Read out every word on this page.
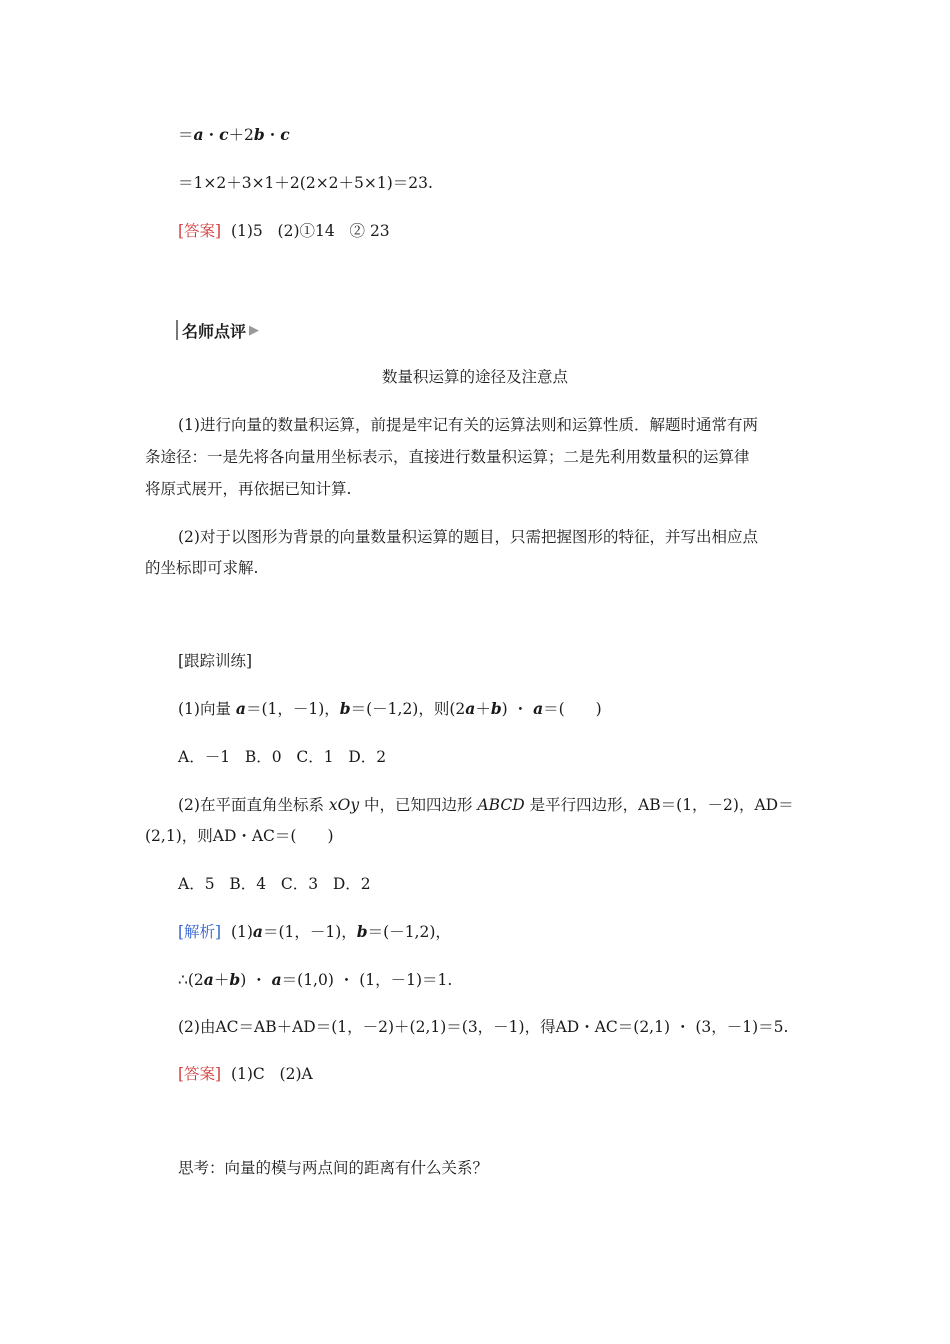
＝a・c＋2b・c
＝1×2＋3×1＋2(2×2＋5×1)＝23.
[答案]  (1)5   (2)①14   ② 23
名师点评 ▶
数量积运算的途径及注意点
(1)进行向量的数量积运算，前提是牢记有关的运算法则和运算性质．解题时通常有两
条途径：一是先将各向量用坐标表示，直接进行数量积运算；二是先利用数量积的运算律
将原式展开，再依据已知计算.
(2)对于以图形为背景的向量数量积运算的题目，只需把握图形的特征，并写出相应点
的坐标即可求解.
[跟踪训练]
(1)向量 a＝(1，－1)，b＝(－1,2)，则(2a＋b) ・ a＝(　　)
A．－1   B．0   C．1   D．2
(2)在平面直角坐标系 xOy 中，已知四边形 ABCD 是平行四边形，AB＝(1，－2)，AD＝
(2,1)，则AD・AC＝(　　)
A．5   B．4   C．3   D．2
[解析]  (1)a＝(1，－1)，b＝(－1,2)，
∴(2a＋b) ・ a＝(1,0) ・ (1，－1)＝1.
(2)由AC＝AB＋AD＝(1，－2)＋(2,1)＝(3，－1)，得AD・AC＝(2,1) ・ (3，－1)＝5.
[答案]  (1)C   (2)A
思考：向量的模与两点间的距离有什么关系？
